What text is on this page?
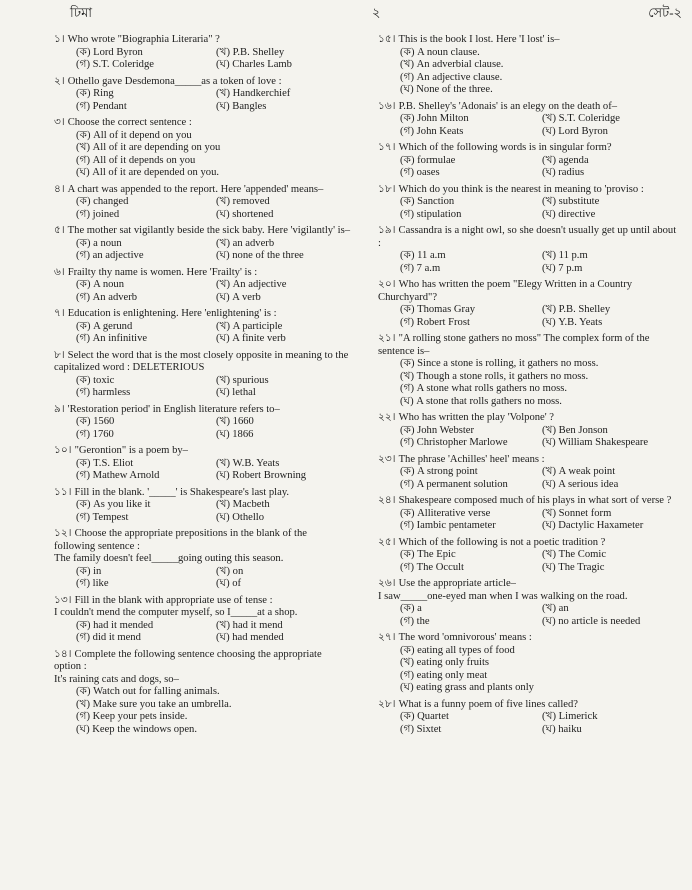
ঢিমা	২	সেট-২
১। Who wrote "Biographia Literaria" ?
(ক) Lord Byron	(খ) P.B. Shelley
(গ) S.T. Coleridge	(ঘ) Charles Lamb
২। Othello gave Desdemona_____as a token of love :
(ক) Ring	(খ) Handkerchief
(গ) Pendant	(ঘ) Bangles
৩। Choose the correct sentence :
(ক) All of it depend on you
(খ) All of it are depending on you
(গ) All of it depends on you
(ঘ) All of it are depended on you.
৪। A chart was appended to the report. Here 'appended' means–
(ক) changed	(খ) removed
(গ) joined	(ঘ) shortened
৫। The mother sat vigilantly beside the sick baby. Here 'vigilantly' is–
(ক) a noun	(খ) an adverb
(গ) an adjective	(ঘ) none of the three
৬। Frailty thy name is women. Here 'Frailty' is :
(ক) A noun	(খ) An adjective
(গ) An adverb	(ঘ) A verb
৭। Education is enlightening. Here 'enlightening' is :
(ক) A gerund	(খ) A participle
(গ) An infinitive	(ঘ) A finite verb
৮। Select the word that is the most closely opposite in meaning to the capitalized word : DELETERIOUS
(ক) toxic	(খ) spurious
(গ) harmless	(ঘ) lethal
৯। 'Restoration period' in English literature refers to–
(ক) 1560	(খ) 1660
(গ) 1760	(ঘ) 1866
১০। "Gerontion" is a poem by–
(ক) T.S. Eliot	(খ) W.B. Yeats
(গ) Mathew Arnold	(ঘ) Robert Browning
১১। Fill in the blank. '_____' is Shakespeare's last play.
(ক) As you like it	(খ) Macbeth
(গ) Tempest	(ঘ) Othello
১২। Choose the appropriate prepositions in the blank of the following sentence :
The family doesn't feel_____going outing this season.
(ক) in	(খ) on
(গ) like	(ঘ) of
১৩। Fill in the blank with appropriate use of tense :
I couldn't mend the computer myself, so I_____at a shop.
(ক) had it mended	(খ) had it mend
(গ) did it mend	(ঘ) had mended
১৪। Complete the following sentence choosing the appropriate option :
It's raining cats and dogs, so–
(ক) Watch out for falling animals.
(খ) Make sure you take an umbrella.
(গ) Keep your pets inside.
(ঘ) Keep the windows open.
১৫। This is the book I lost. Here 'I lost' is–
(ক) A noun clause.
(খ) An adverbial clause.
(গ) An adjective clause.
(ঘ) None of the three.
১৬। P.B. Shelley's 'Adonais' is an elegy on the death of–
(ক) John Milton	(খ) S.T. Coleridge
(গ) John Keats	(ঘ) Lord Byron
১৭। Which of the following words is in singular form?
(ক) formulae	(খ) agenda
(গ) oases	(ঘ) radius
১৮। Which do you think is the nearest in meaning to 'proviso :
(ক) Sanction	(খ) substitute
(গ) stipulation	(ঘ) directive
১৯। Cassandra is a night owl, so she doesn't usually get up until about :
(ক) 11 a.m	(খ) 11 p.m
(গ) 7 a.m	(ঘ) 7 p.m
২০। Who has written the poem "Elegy Written in a Country Churchyard"?
(ক) Thomas Gray	(খ) P.B. Shelley
(গ) Robert Frost	(ঘ) Y.B. Yeats
২১। "A rolling stone gathers no moss" The complex form of the sentence is–
(ক) Since a stone is rolling, it gathers no moss.
(খ) Though a stone rolls, it gathers no moss.
(গ) A stone what rolls gathers no moss.
(ঘ) A stone that rolls gathers no moss.
২২। Who has written the play 'Volpone' ?
(ক) John Webster	(খ) Ben Jonson
(গ) Christopher Marlowe	(ঘ) William Shakespeare
২৩। The phrase 'Achilles' heel' means :
(ক) A strong point	(খ) A weak point
(গ) A permanent solution	(ঘ) A serious idea
২৪। Shakespeare composed much of his plays in what sort of verse ?
(ক) Alliterative verse	(খ) Sonnet form
(গ) Iambic pentameter	(ঘ) Dactylic Haxameter
২৫। Which of the following is not a poetic tradition ?
(ক) The Epic	(খ) The Comic
(গ) The Occult	(ঘ) The Tragic
২৬। Use the appropriate article–
I saw_____one-eyed man when I was walking on the road.
(ক) a	(খ) an
(গ) the	(ঘ) no article is needed
২৭। The word 'omnivorous' means :
(ক) eating all types of food
(খ) eating only fruits
(গ) eating only meat
(ঘ) eating grass and plants only
২৮। What is a funny poem of five lines called?
(ক) Quartet	(খ) Limerick
(গ) Sixtet	(ঘ) haiku
